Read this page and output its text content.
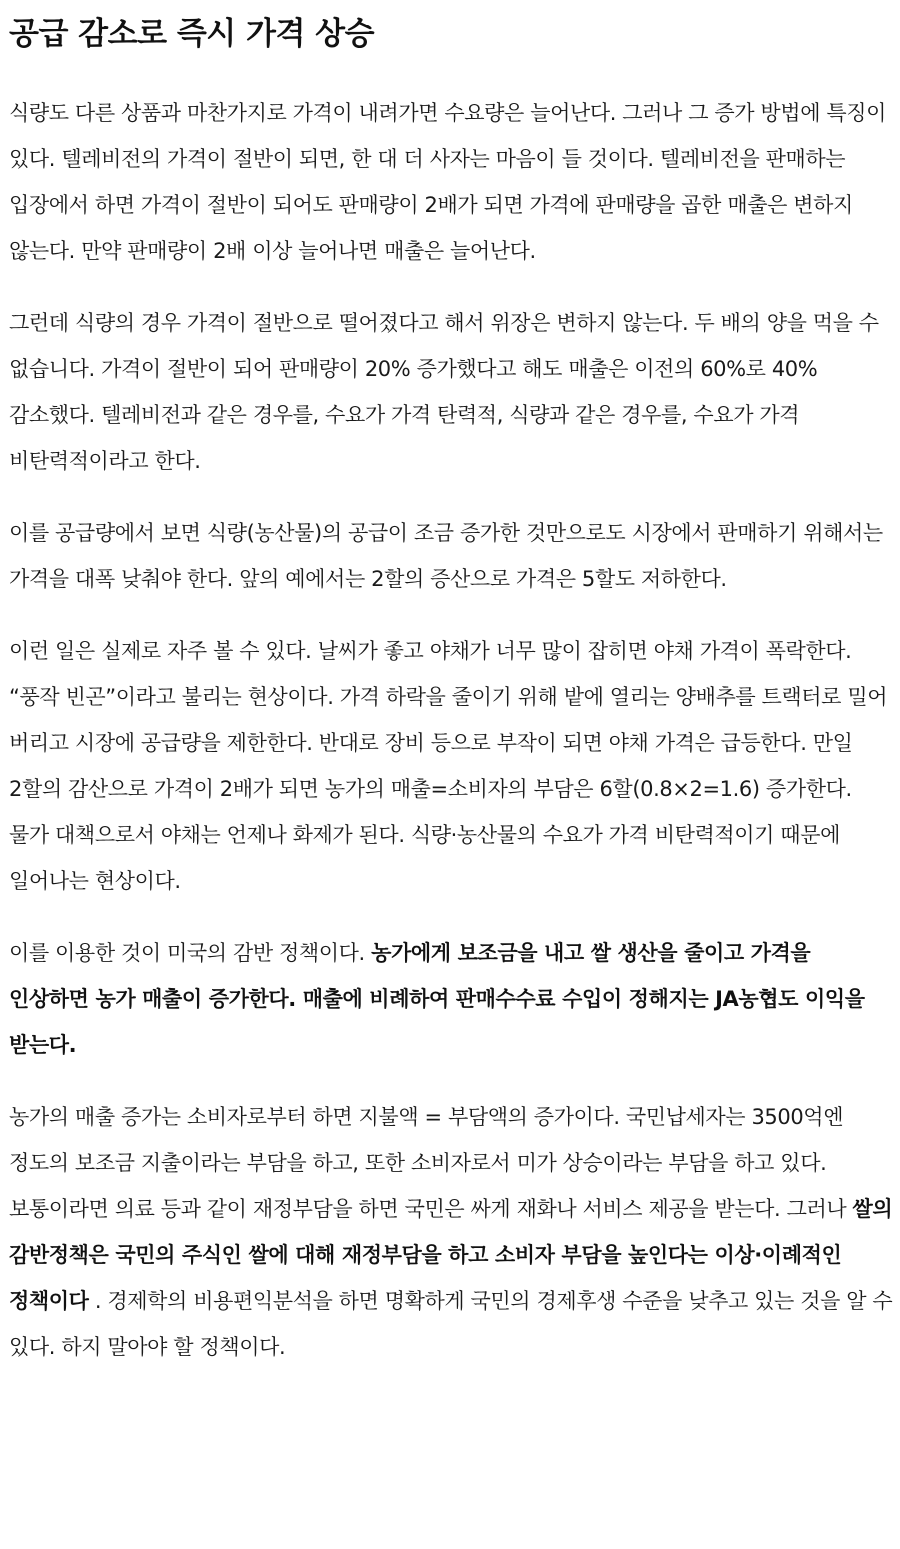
공급 감소로 즉시 가격 상승

식량도 다른 상품과 마찬가지로 가격이 내려가면 수요량은 늘어난다. 그러나 그 증가 방법에 특징이 있다. 텔레비전의 가격이 절반이 되면, 한 대 더 사자는 마음이 들 것이다. 텔레비전을 판매하는 입장에서 하면 가격이 절반이 되어도 판매량이 2배가 되면 가격에 판매량을 곱한 매출은 변하지 않는다. 만약 판매량이 2배 이상 늘어나면 매출은 늘어난다.

그런데 식량의 경우 가격이 절반으로 떨어졌다고 해서 위장은 변하지 않는다. 두 배의 양을 먹을 수 없습니다. 가격이 절반이 되어 판매량이 20% 증가했다고 해도 매출은 이전의 60%로 40% 감소했다. 텔레비전과 같은 경우를, 수요가 가격 탄력적, 식량과 같은 경우를, 수요가 가격 비탄력적이라고 한다.

이를 공급량에서 보면 식량(농산물)의 공급이 조금 증가한 것만으로도 시장에서 판매하기 위해서는 가격을 대폭 낮춰야 한다. 앞의 예에서는 2할의 증산으로 가격은 5할도 저하한다.

이런 일은 실제로 자주 볼 수 있다. 날씨가 좋고 야채가 너무 많이 잡히면 야채 가격이 폭락한다. “풍작 빈곤”이라고 불리는 현상이다. 가격 하락을 줄이기 위해 밭에 열리는 양배추를 트랙터로 밀어 버리고 시장에 공급량을 제한한다. 반대로 장비 등으로 부작이 되면 야채 가격은 급등한다. 만일 2할의 감산으로 가격이 2배가 되면 농가의 매출=소비자의 부담은 6할(0.8×2=1.6) 증가한다. 물가 대책으로서 야채는 언제나 화제가 된다. 식량·농산물의 수요가 가격 비탄력적이기 때문에 일어나는 현상이다.

이를 이용한 것이 미국의 감반 정책이다. 농가에게 보조금을 내고 쌀 생산을 줄이고 가격을 인상하면 농가 매출이 증가한다. 매출에 비례하여 판매수수료 수입이 정해지는 JA농협도 이익을 받는다.

농가의 매출 증가는 소비자로부터 하면 지불액 = 부담액의 증가이다. 국민납세자는 3500억엔 정도의 보조금 지출이라는 부담을 하고, 또한 소비자로서 미가 상승이라는 부담을 하고 있다. 보통이라면 의료 등과 같이 재정부담을 하면 국민은 싸게 재화나 서비스 제공을 받는다. 그러나 쌀의 감반정책은 국민의 주식인 쌀에 대해 재정부담을 하고 소비자 부담을 높인다는 이상·이례적인 정책이다 . 경제학의 비용편익분석을 하면 명확하게 국민의 경제후생 수준을 낮추고 있는 것을 알 수 있다. 하지 말아야 할 정책이다.
